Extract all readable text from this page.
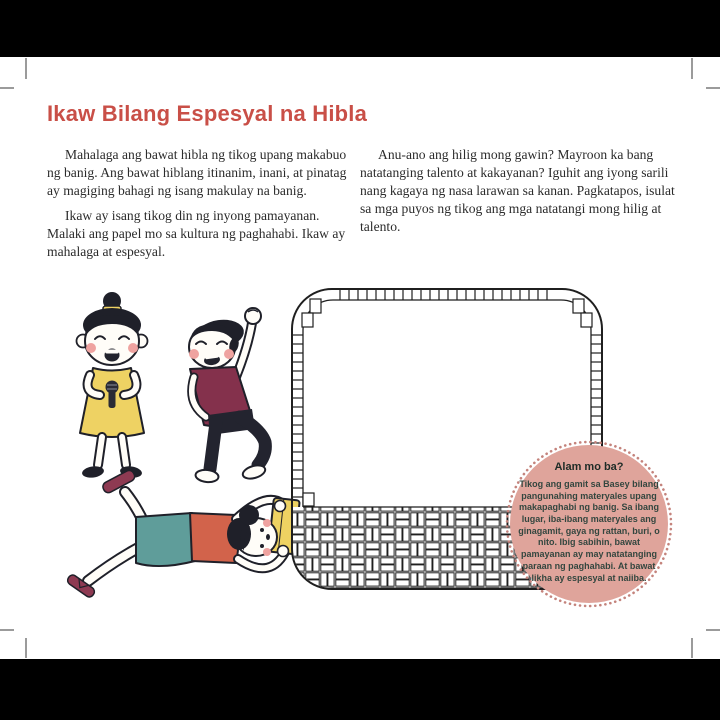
Ikaw Bilang Espesyal na Hibla

Mahalaga ang bawat hibla ng tikog upang makabuo ng banig. Ang bawat hiblang itinanim, inani, at pinatag ay magiging bahagi ng isang makulay na banig.

Ikaw ay isang tikog din ng inyong pamayanan. Malaki ang papel mo sa kultura ng paghahabi. Ikaw ay mahalaga at espesyal.

Anu-ano ang hilig mong gawin? Mayroon ka bang natatanging talento at kakayanan? Iguhit ang iyong sarili nang kagaya ng nasa larawan sa kanan. Pagkatapos, isulat sa mga puyos ng tikog ang mga natatangi mong hilig at talento.

Alam mo ba?

Tikog ang gamit sa Basey bilang pangunahing materyales upang makapaghabi ng banig. Sa ibang lugar, iba-ibang materyales ang ginagamit, gaya ng rattan, buri, o nito. Ibig sabihin, bawat pamayanan ay may natatanging paraan ng paghahabi. At bawat likha ay espesyal at naiiba.
